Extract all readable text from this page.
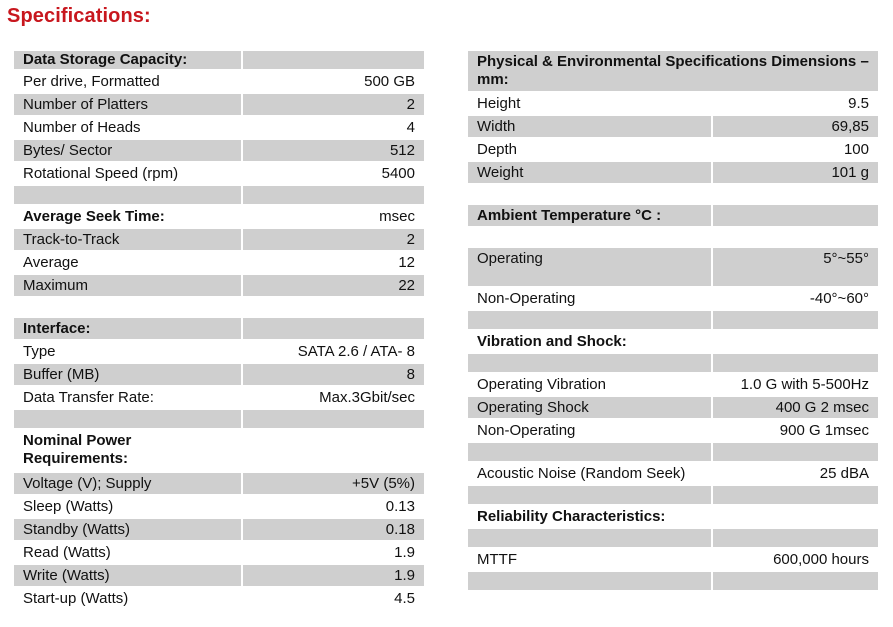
Specifications:
Data Storage Capacity:
Per drive, Formatted	500 GB
Number of Platters	2
Number of Heads	4
Bytes/ Sector	512
Rotational Speed (rpm)	5400
Average Seek Time:	msec
Track-to-Track	2
Average	12
Maximum	22
Interface:
Type	SATA 2.6 / ATA- 8
Buffer (MB)	8
Data Transfer Rate:	Max.3Gbit/sec
Nominal Power Requirements:
Voltage (V); Supply	+5V (5%)
Sleep (Watts)	0.13
Standby (Watts)	0.18
Read (Watts)	1.9
Write (Watts)	1.9
Start-up (Watts)	4.5
Physical & Environmental Specifications Dimensions –mm:
Height	9.5
Width	69,85
Depth	100
Weight	101 g
Ambient Temperature °C :
Operating	5°~55°
Non-Operating	-40°~60°
Vibration and Shock:
Operating Vibration	1.0 G with 5-500Hz
Operating Shock	400 G 2 msec
Non-Operating	900 G 1msec
Acoustic Noise (Random Seek)	25 dBA
Reliability Characteristics:
MTTF	600,000 hours
